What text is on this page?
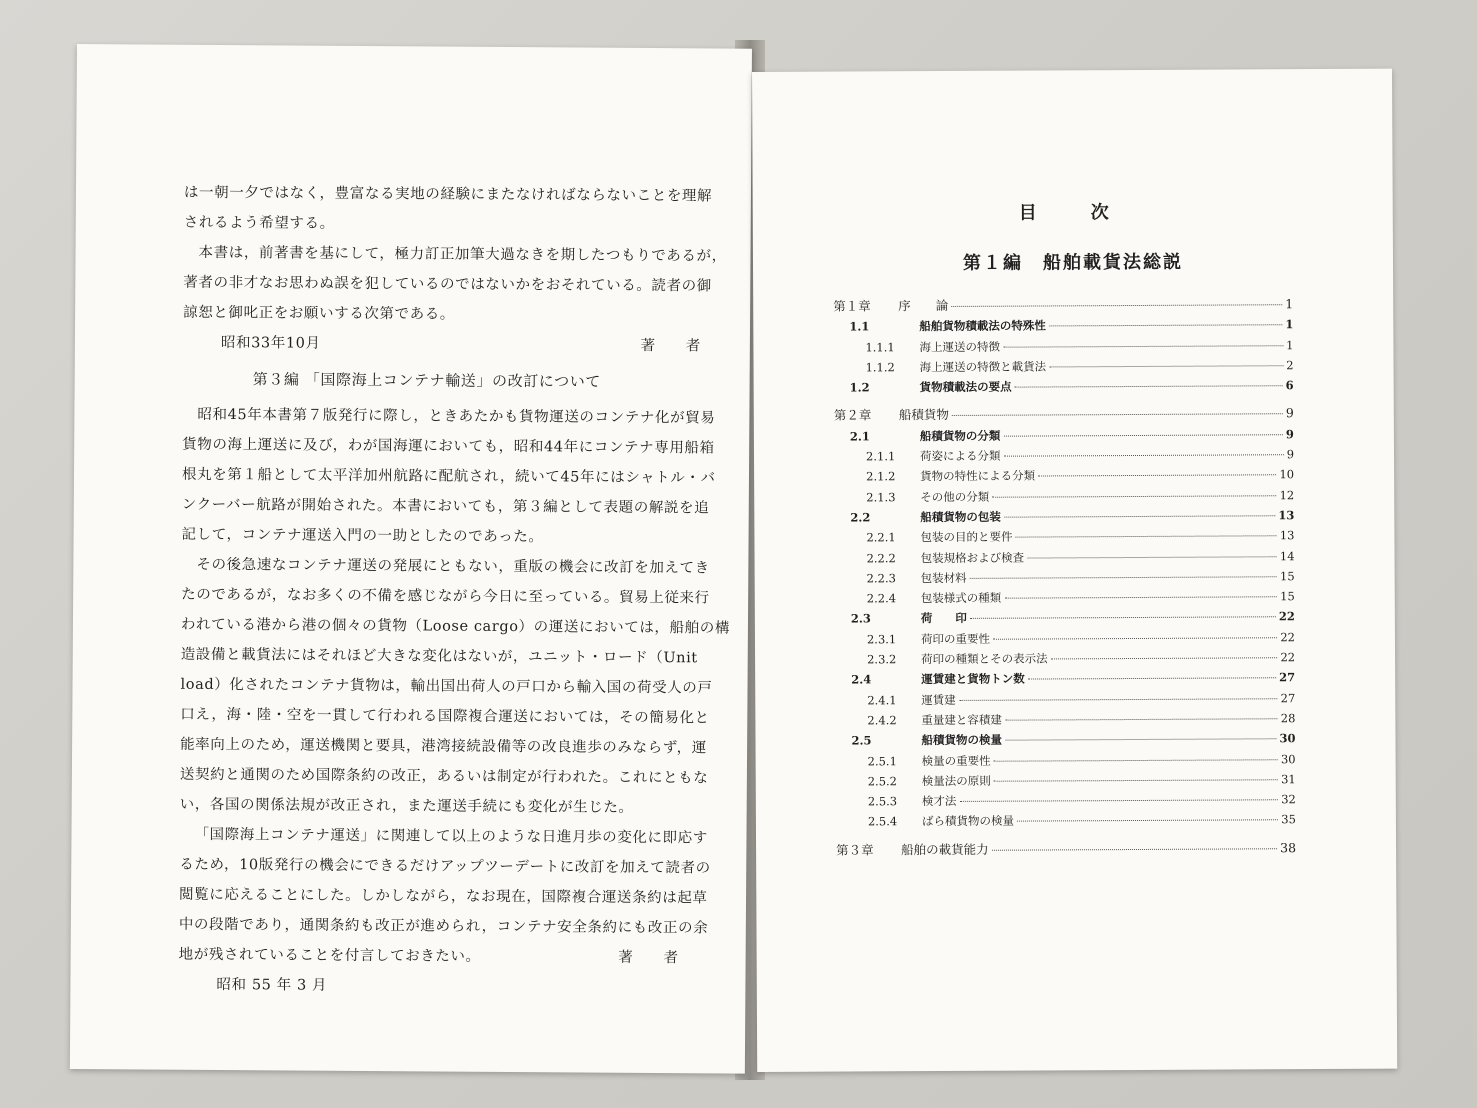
は一朝一夕ではなく，豊富なる実地の経験にまたなければならないことを理解
されるよう希望する。
本書は，前著書を基にして，極力訂正加筆大過なきを期したつもりであるが，
著者の非才なお思わぬ誤を犯しているのではないかをおそれている。読者の御
諒恕と御叱正をお願いする次第である。
昭和33年10月	著　　者
第３編 「国際海上コンテナ輸送」の改訂について
昭和45年本書第７版発行に際し，ときあたかも貨物運送のコンテナ化が貿易
貨物の海上運送に及び，わが国海運においても，昭和44年にコンテナ専用船箱
根丸を第１船として太平洋加州航路に配航され，続いて45年にはシャトル・バ
ンクーバー航路が開始された。本書においても，第３編として表題の解説を追
記して，コンテナ運送入門の一助としたのであった。
その後急速なコンテナ運送の発展にともない，重版の機会に改訂を加えてき
たのであるが，なお多くの不備を感じながら今日に至っている。貿易上従来行
われている港から港の個々の貨物（Loose cargo）の運送においては，船舶の構
造設備と載貨法にはそれほど大きな変化はないが，ユニット・ロード（Unit
load）化されたコンテナ貨物は，輸出国出荷人の戸口から輸入国の荷受人の戸
口え，海・陸・空を一貫して行われる国際複合運送においては，その簡易化と
能率向上のため，運送機関と要具，港湾接続設備等の改良進歩のみならず，運
送契約と通関のため国際条約の改正，あるいは制定が行われた。これにともな
い，各国の関係法規が改正され，また運送手続にも変化が生じた。
「国際海上コンテナ運送」に関連して以上のような日進月歩の変化に即応す
るため，10版発行の機会にできるだけアップツーデートに改訂を加えて読者の
閲覧に応えることにした。しかしながら，なお現在，国際複合運送条約は起草
中の段階であり，通関条約も改正が進められ，コンテナ安全条約にも改正の余
地が残されていることを付言しておきたい。	著　　者
昭和 55 年 3 月
目　次
第１編　船舶載貨法総説
第１章	序　　論	1
1.1	船舶貨物積載法の特殊性	1
1.1.1	海上運送の特徴	1
1.1.2	海上運送の特徴と載貨法	2
1.2	貨物積載法の要点	6
第２章	船積貨物	9
2.1	船積貨物の分類	9
2.1.1	荷姿による分類	9
2.1.2	貨物の特性による分類	10
2.1.3	その他の分類	12
2.2	船積貨物の包装	13
2.2.1	包装の目的と要件	13
2.2.2	包装規格および検査	14
2.2.3	包装材料	15
2.2.4	包装様式の種類	15
2.3	荷　　印	22
2.3.1	荷印の重要性	22
2.3.2	荷印の種類とその表示法	22
2.4	運賃建と貨物トン数	27
2.4.1	運賃建	27
2.4.2	重量建と容積建	28
2.5	船積貨物の検量	30
2.5.1	検量の重要性	30
2.5.2	検量法の原則	31
2.5.3	検才法	32
2.5.4	ばら積貨物の検量	35
第３章	船舶の載貨能力	38
